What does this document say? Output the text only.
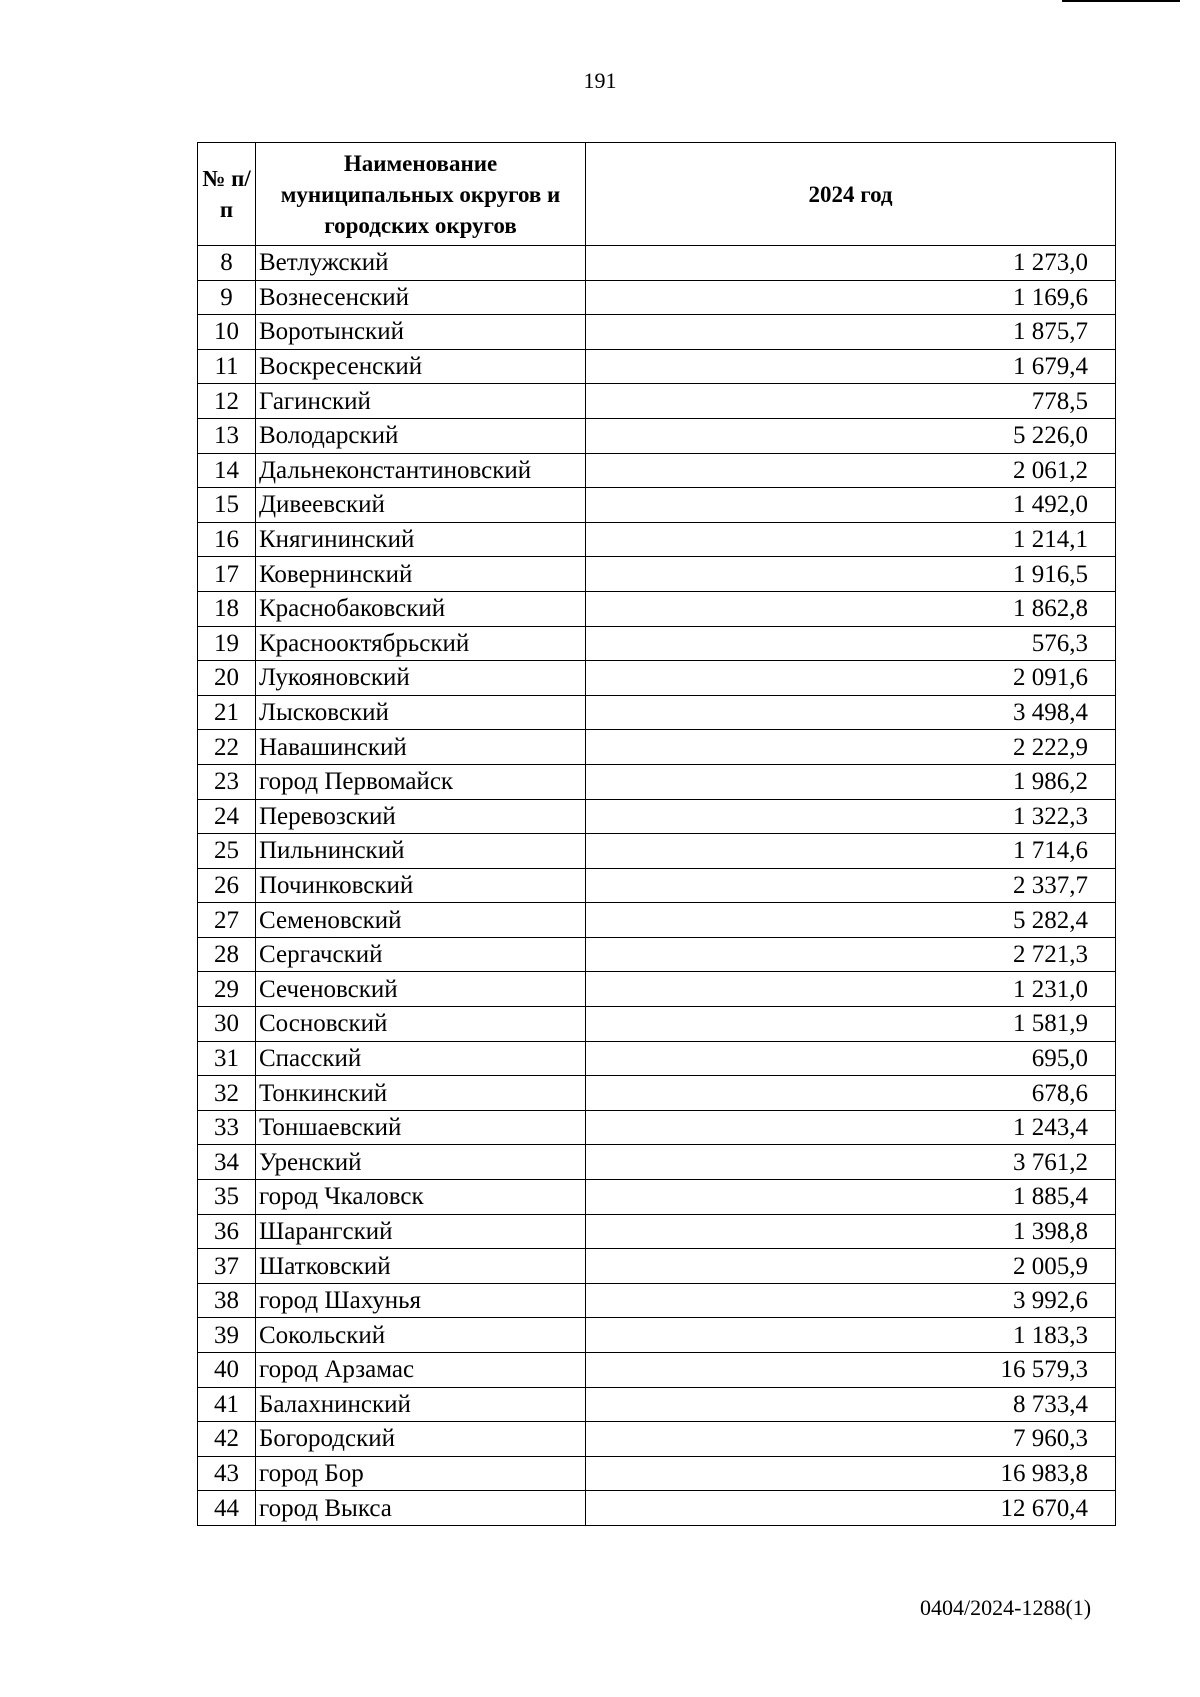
191
№ п/п	Наименование муниципальных округов и городских округов	2024 год
8	Ветлужский	1 273,0
9	Вознесенский	1 169,6
10	Воротынский	1 875,7
11	Воскресенский	1 679,4
12	Гагинский	778,5
13	Володарский	5 226,0
14	Дальнеконстантиновский	2 061,2
15	Дивеевский	1 492,0
16	Княгининский	1 214,1
17	Ковернинский	1 916,5
18	Краснобаковский	1 862,8
19	Краснооктябрьский	576,3
20	Лукояновский	2 091,6
21	Лысковский	3 498,4
22	Навашинский	2 222,9
23	город Первомайск	1 986,2
24	Перевозский	1 322,3
25	Пильнинский	1 714,6
26	Починковский	2 337,7
27	Семеновский	5 282,4
28	Сергачский	2 721,3
29	Сеченовский	1 231,0
30	Сосновский	1 581,9
31	Спасский	695,0
32	Тонкинский	678,6
33	Тоншаевский	1 243,4
34	Уренский	3 761,2
35	город Чкаловск	1 885,4
36	Шарангский	1 398,8
37	Шатковский	2 005,9
38	город Шахунья	3 992,6
39	Сокольский	1 183,3
40	город Арзамас	16 579,3
41	Балахнинский	8 733,4
42	Богородский	7 960,3
43	город Бор	16 983,8
44	город Выкса	12 670,4
0404/2024-1288(1)
